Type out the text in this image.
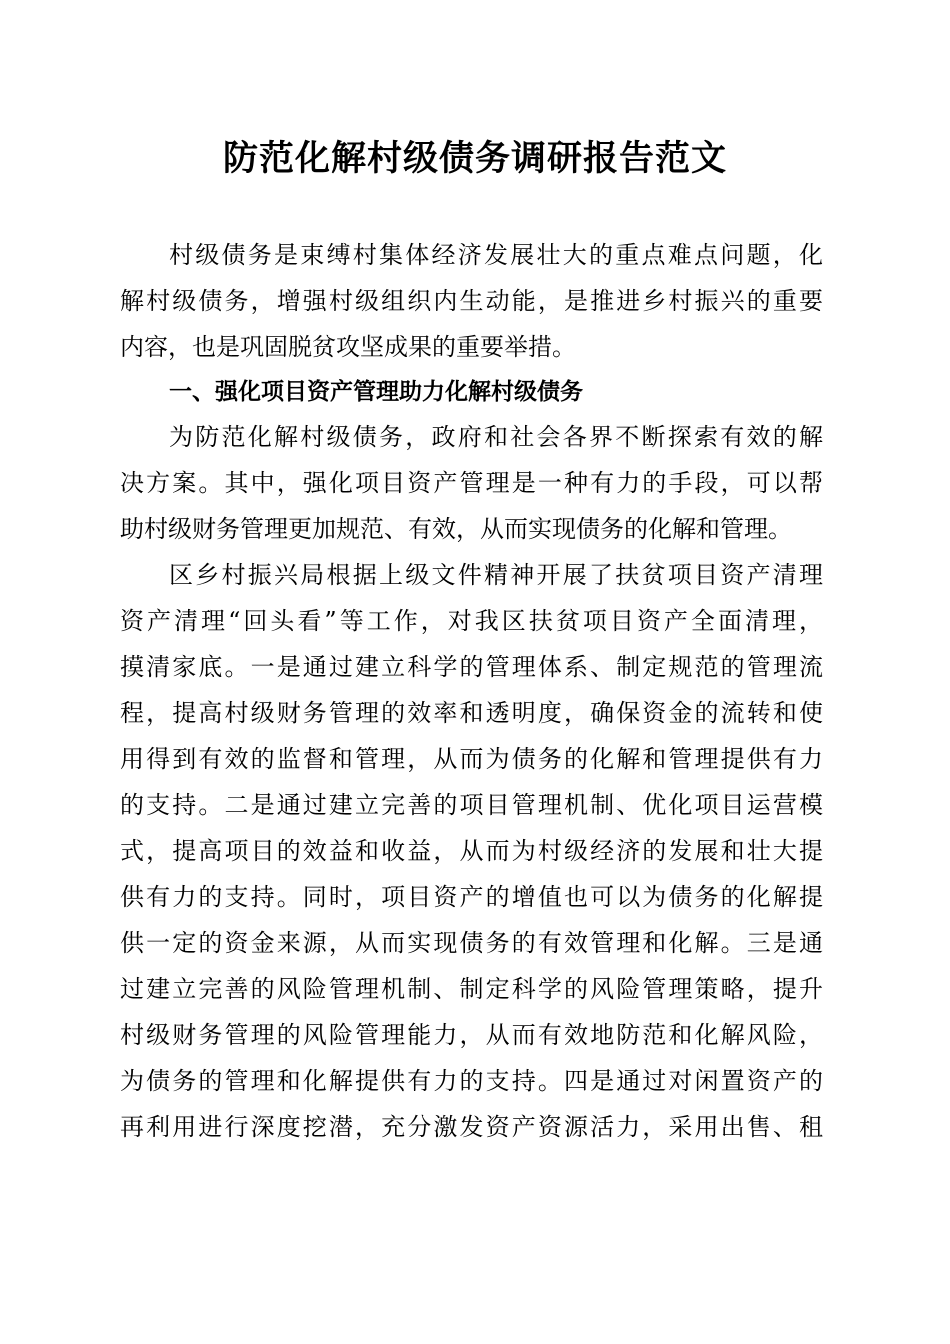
防范化解村级债务调研报告范文
村级债务是束缚村集体经济发展壮大的重点难点问题，化
解村级债务，增强村级组织内生动能，是推进乡村振兴的重要
内容，也是巩固脱贫攻坚成果的重要举措。
一、强化项目资产管理助力化解村级债务
为防范化解村级债务，政府和社会各界不断探索有效的解
决方案。其中，强化项目资产管理是一种有力的手段，可以帮
助村级财务管理更加规范、有效，从而实现债务的化解和管理。
区乡村振兴局根据上级文件精神开展了扶贫项目资产清理
资产清理“回头看”等工作，对我区扶贫项目资产全面清理，
摸清家底。一是通过建立科学的管理体系、制定规范的管理流
程，提高村级财务管理的效率和透明度，确保资金的流转和使
用得到有效的监督和管理，从而为债务的化解和管理提供有力
的支持。二是通过建立完善的项目管理机制、优化项目运营模
式，提高项目的效益和收益，从而为村级经济的发展和壮大提
供有力的支持。同时，项目资产的增值也可以为债务的化解提
供一定的资金来源，从而实现债务的有效管理和化解。三是通
过建立完善的风险管理机制、制定科学的风险管理策略，提升
村级财务管理的风险管理能力，从而有效地防范和化解风险，
为债务的管理和化解提供有力的支持。四是通过对闲置资产的
再利用进行深度挖潜，充分激发资产资源活力，采用出售、租
